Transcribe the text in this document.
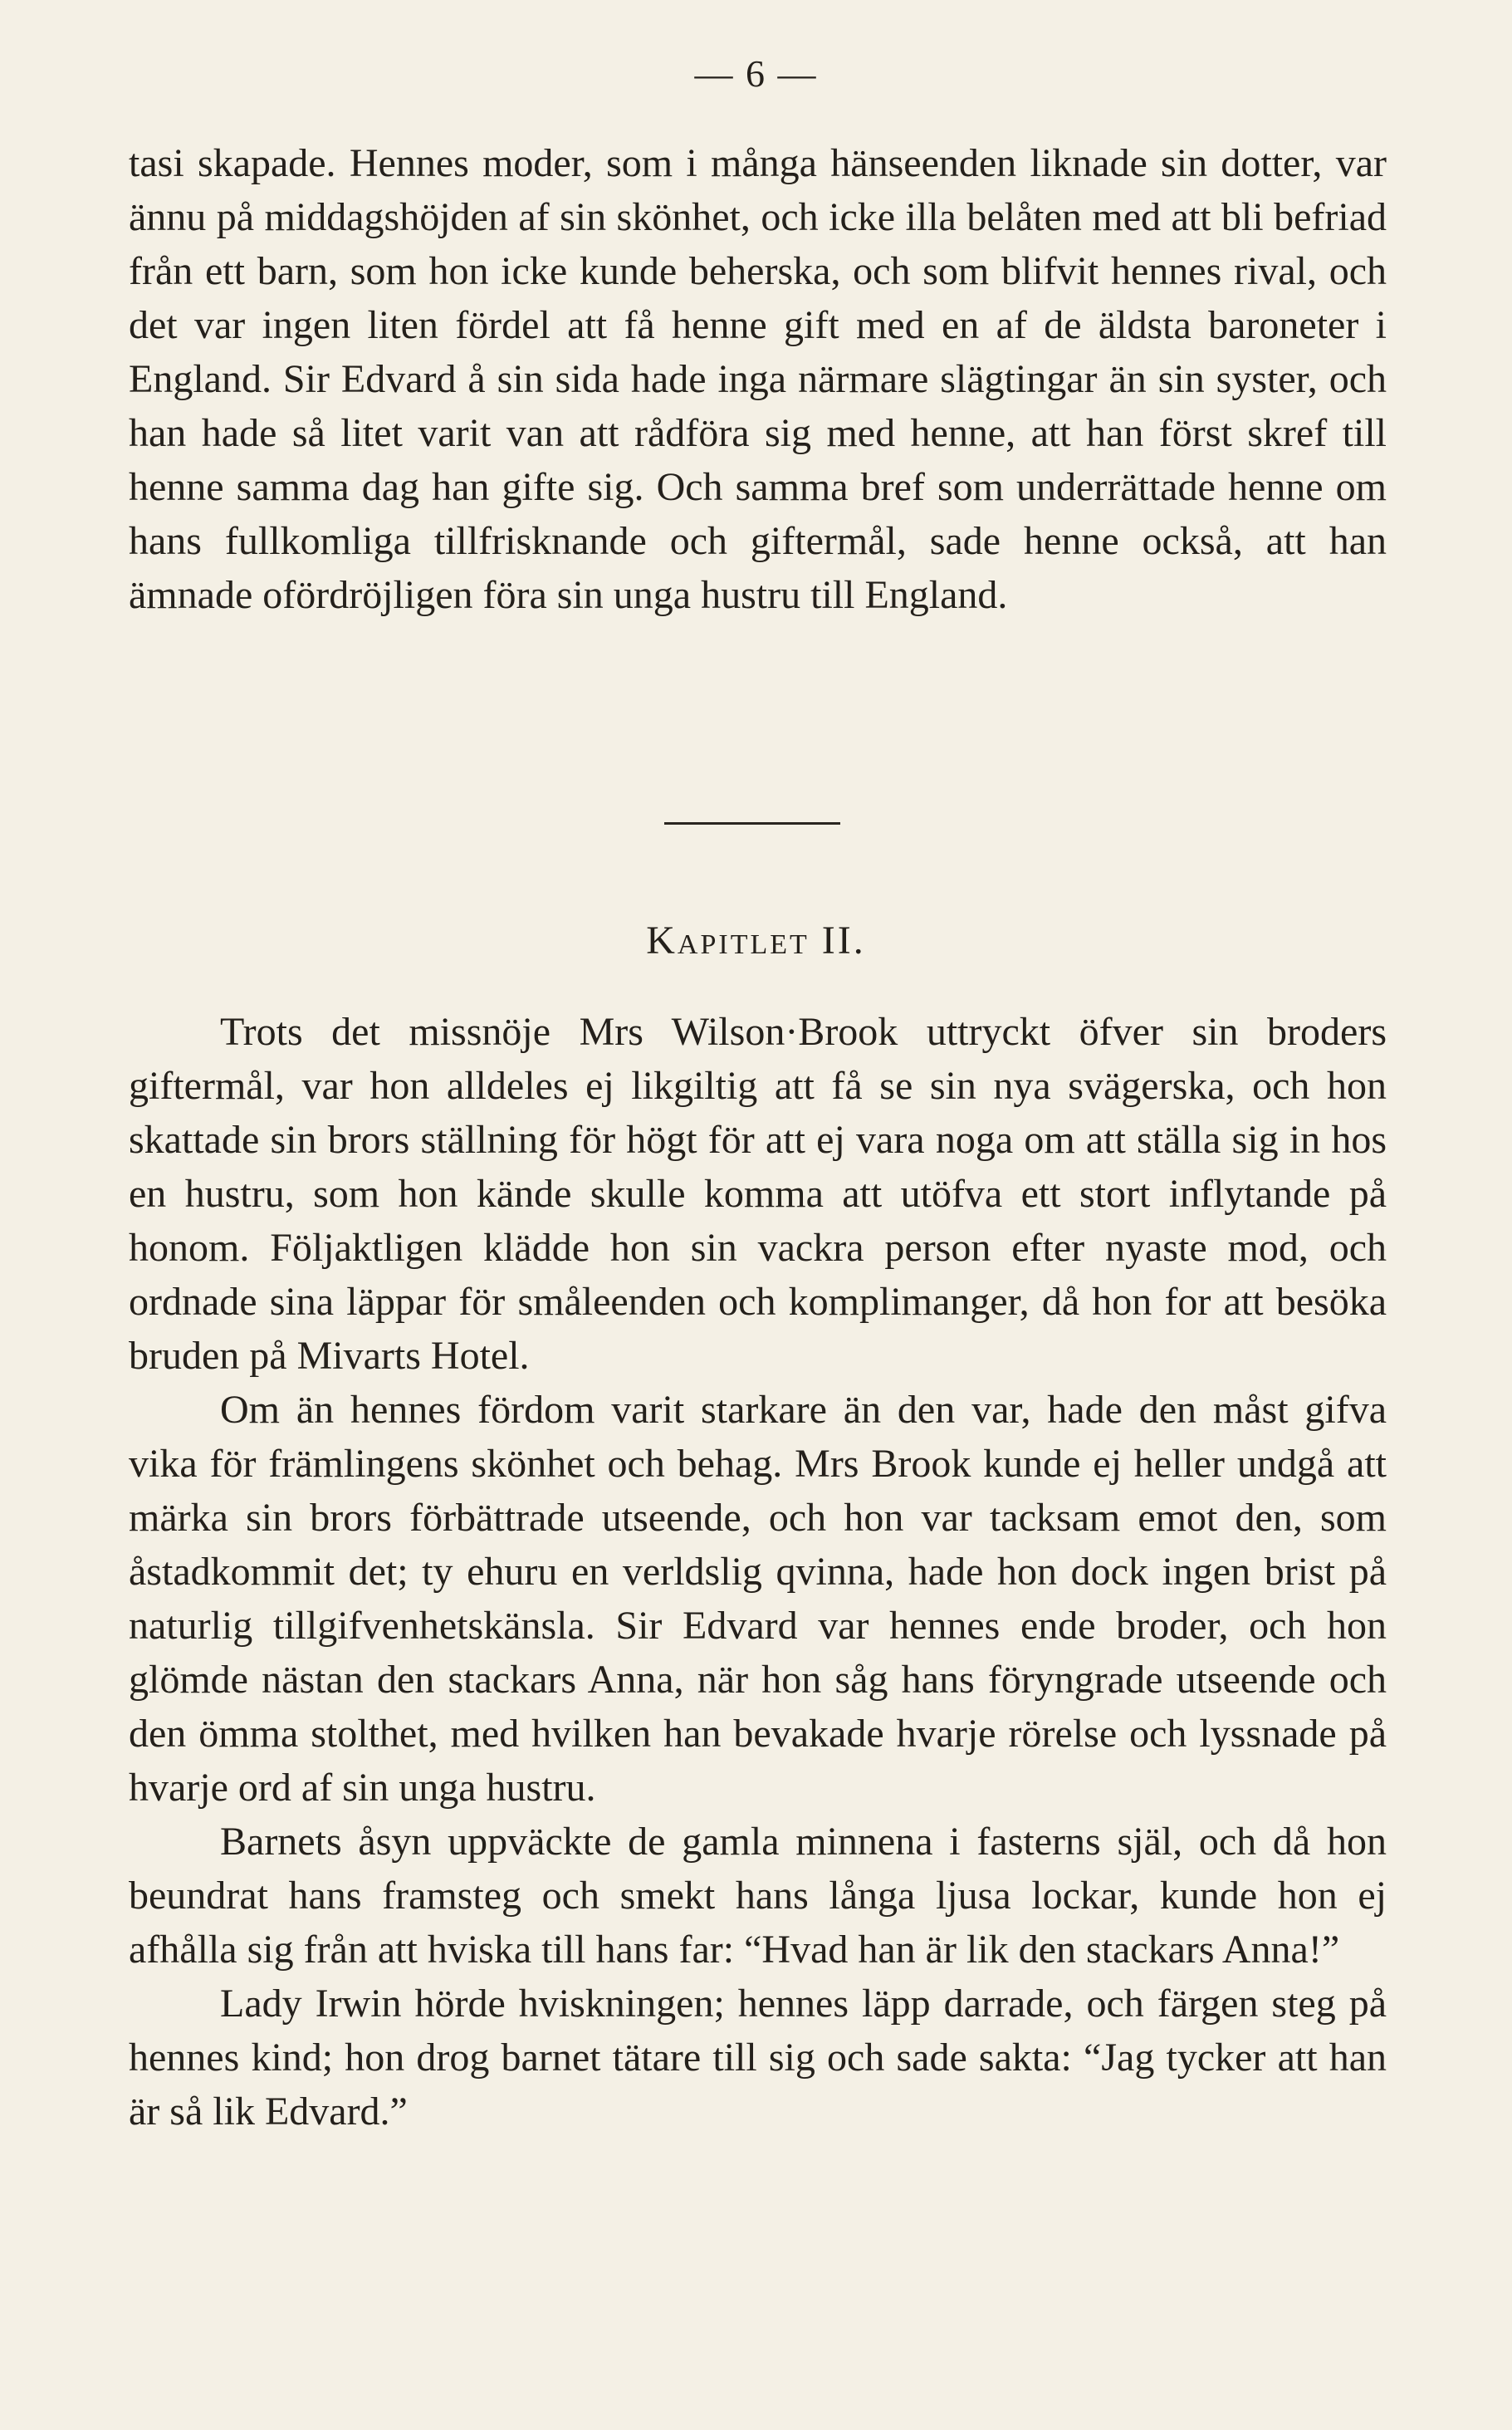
— 6 —

tasi skapade. Hennes moder, som i många hänseenden liknade sin dotter, var ännu på middagshöjden af sin skönhet, och icke illa belåten med att bli befriad från ett barn, som hon icke kunde beherska, och som blifvit hennes rival, och det var ingen liten fördel att få henne gift med en af de äldsta baroneter i England. Sir Edvard å sin sida hade inga närmare slägtingar än sin syster, och han hade så litet varit van att rådföra sig med henne, att han först skref till henne samma dag han gifte sig. Och samma bref som underrättade henne om hans fullkomliga tillfrisknande och giftermål, sade henne också, att han ämnade ofördröjligen föra sin unga hustru till England.

Kapitlet II.

Trots det missnöje Mrs Wilson·Brook uttryckt öfver sin broders giftermål, var hon alldeles ej likgiltig att få se sin nya svägerska, och hon skattade sin brors ställning för högt för att ej vara noga om att ställa sig in hos en hustru, som hon kände skulle komma att utöfva ett stort inflytande på honom. Följaktligen klädde hon sin vackra person efter nyaste mod, och ordnade sina läppar för småleenden och komplimanger, då hon for att besöka bruden på Mivarts Hotel.

Om än hennes fördom varit starkare än den var, hade den måst gifva vika för främlingens skönhet och behag. Mrs Brook kunde ej heller undgå att märka sin brors förbättrade utseende, och hon var tacksam emot den, som åstadkommit det; ty ehuru en verldslig qvinna, hade hon dock ingen brist på naturlig tillgifvenhetskänsla. Sir Edvard var hennes ende broder, och hon glömde nästan den stackars Anna, när hon såg hans föryngrade utseende och den ömma stolthet, med hvilken han bevakade hvarje rörelse och lyssnade på hvarje ord af sin unga hustru.

Barnets åsyn uppväckte de gamla minnena i fasterns själ, och då hon beundrat hans framsteg och smekt hans långa ljusa lockar, kunde hon ej afhålla sig från att hviska till hans far: “Hvad han är lik den stackars Anna!”

Lady Irwin hörde hviskningen; hennes läpp darrade, och färgen steg på hennes kind; hon drog barnet tätare till sig och sade sakta: “Jag tycker att han är så lik Edvard.”
